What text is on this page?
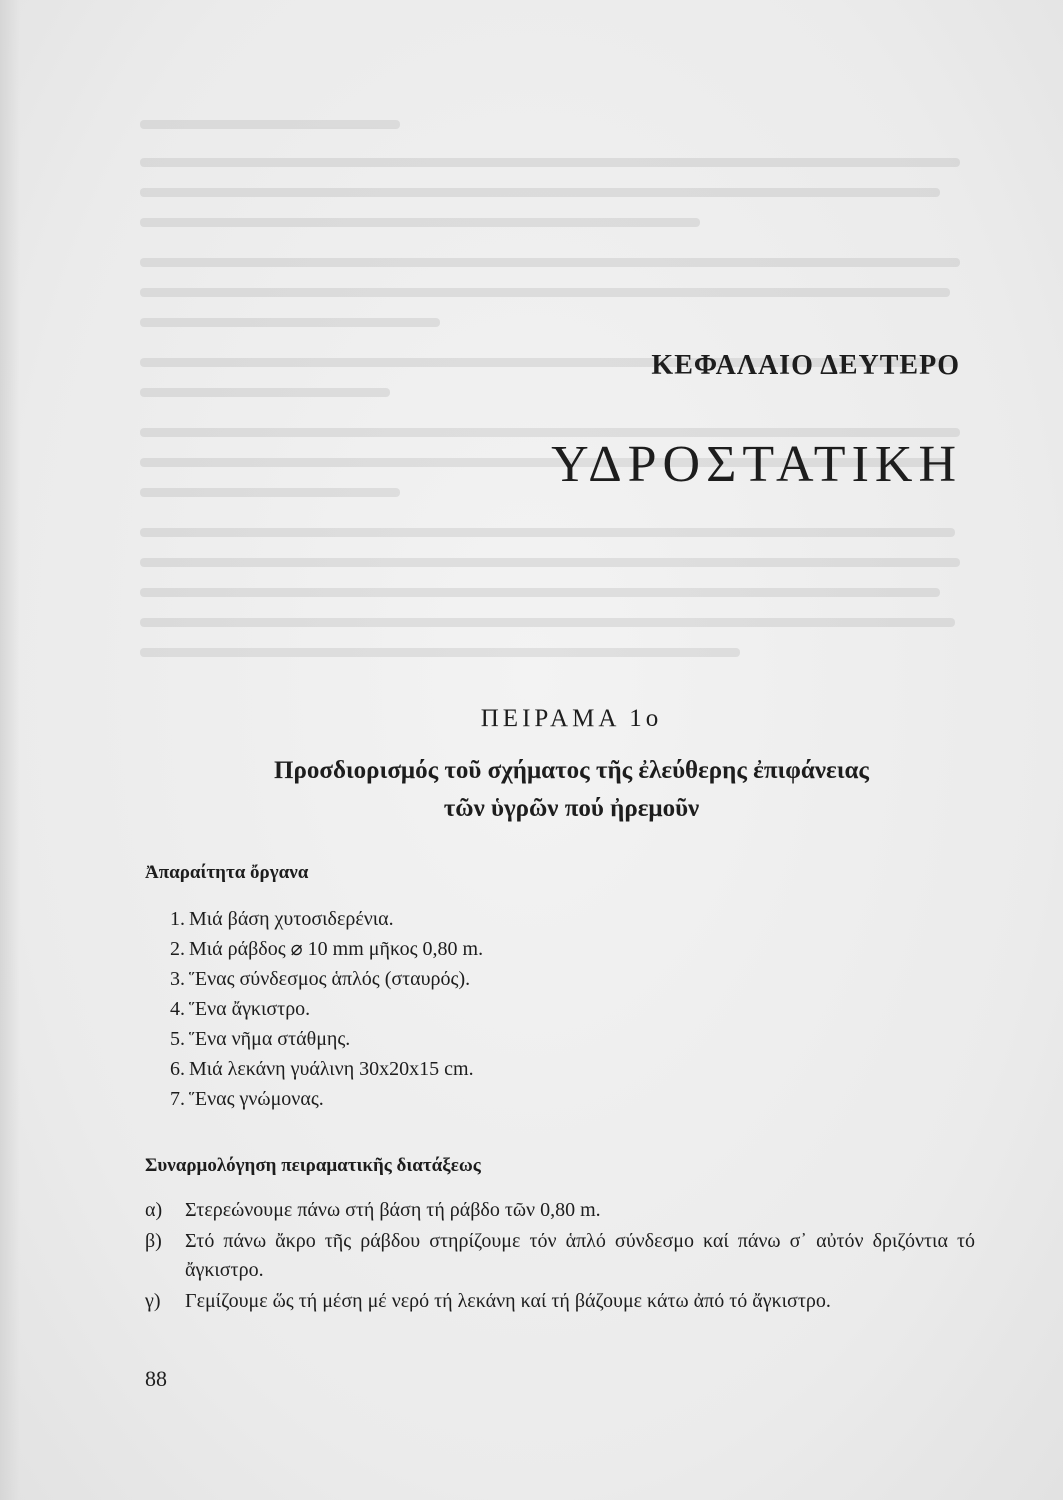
ΚΕΦΑΛΑΙΟ ΔΕΥΤΕΡΟ
ΥΔΡΟΣΤΑΤΙΚΗ
ΠΕΙΡΑΜΑ 1ο
Προσδιορισμός τοῦ σχήματος τῆς ἐλεύθερης ἐπιφάνειας
τῶν ὑγρῶν πού ἠρεμοῦν
Ἀπαραίτητα ὄργανα
1. Μιά βάση χυτοσιδερένια.
2. Μιά ράβδος ⌀ 10 mm μῆκος 0,80 m.
3. Ἕνας σύνδεσμος ἁπλός (σταυρός).
4. Ἕνα ἄγκιστρο.
5. Ἕνα νῆμα στάθμης.
6. Μιά λεκάνη γυάλινη 30x20x15 cm.
7. Ἕνας γνώμονας.
Συναρμολόγηση πειραματικῆς διατάξεως
α) Στερεώνουμε πάνω στή βάση τή ράβδο τῶν 0,80 m.
β) Στό πάνω ἄκρο τῆς ράβδου στηρίζουμε τόν ἁπλό σύνδεσμο καί πάνω σ᾽ αὐτόν δριζόντια τό ἄγκιστρο.
γ) Γεμίζουμε ὥς τή μέση μέ νερό τή λεκάνη καί τή βάζουμε κάτω ἀπό τό ἄγκιστρο.
88
